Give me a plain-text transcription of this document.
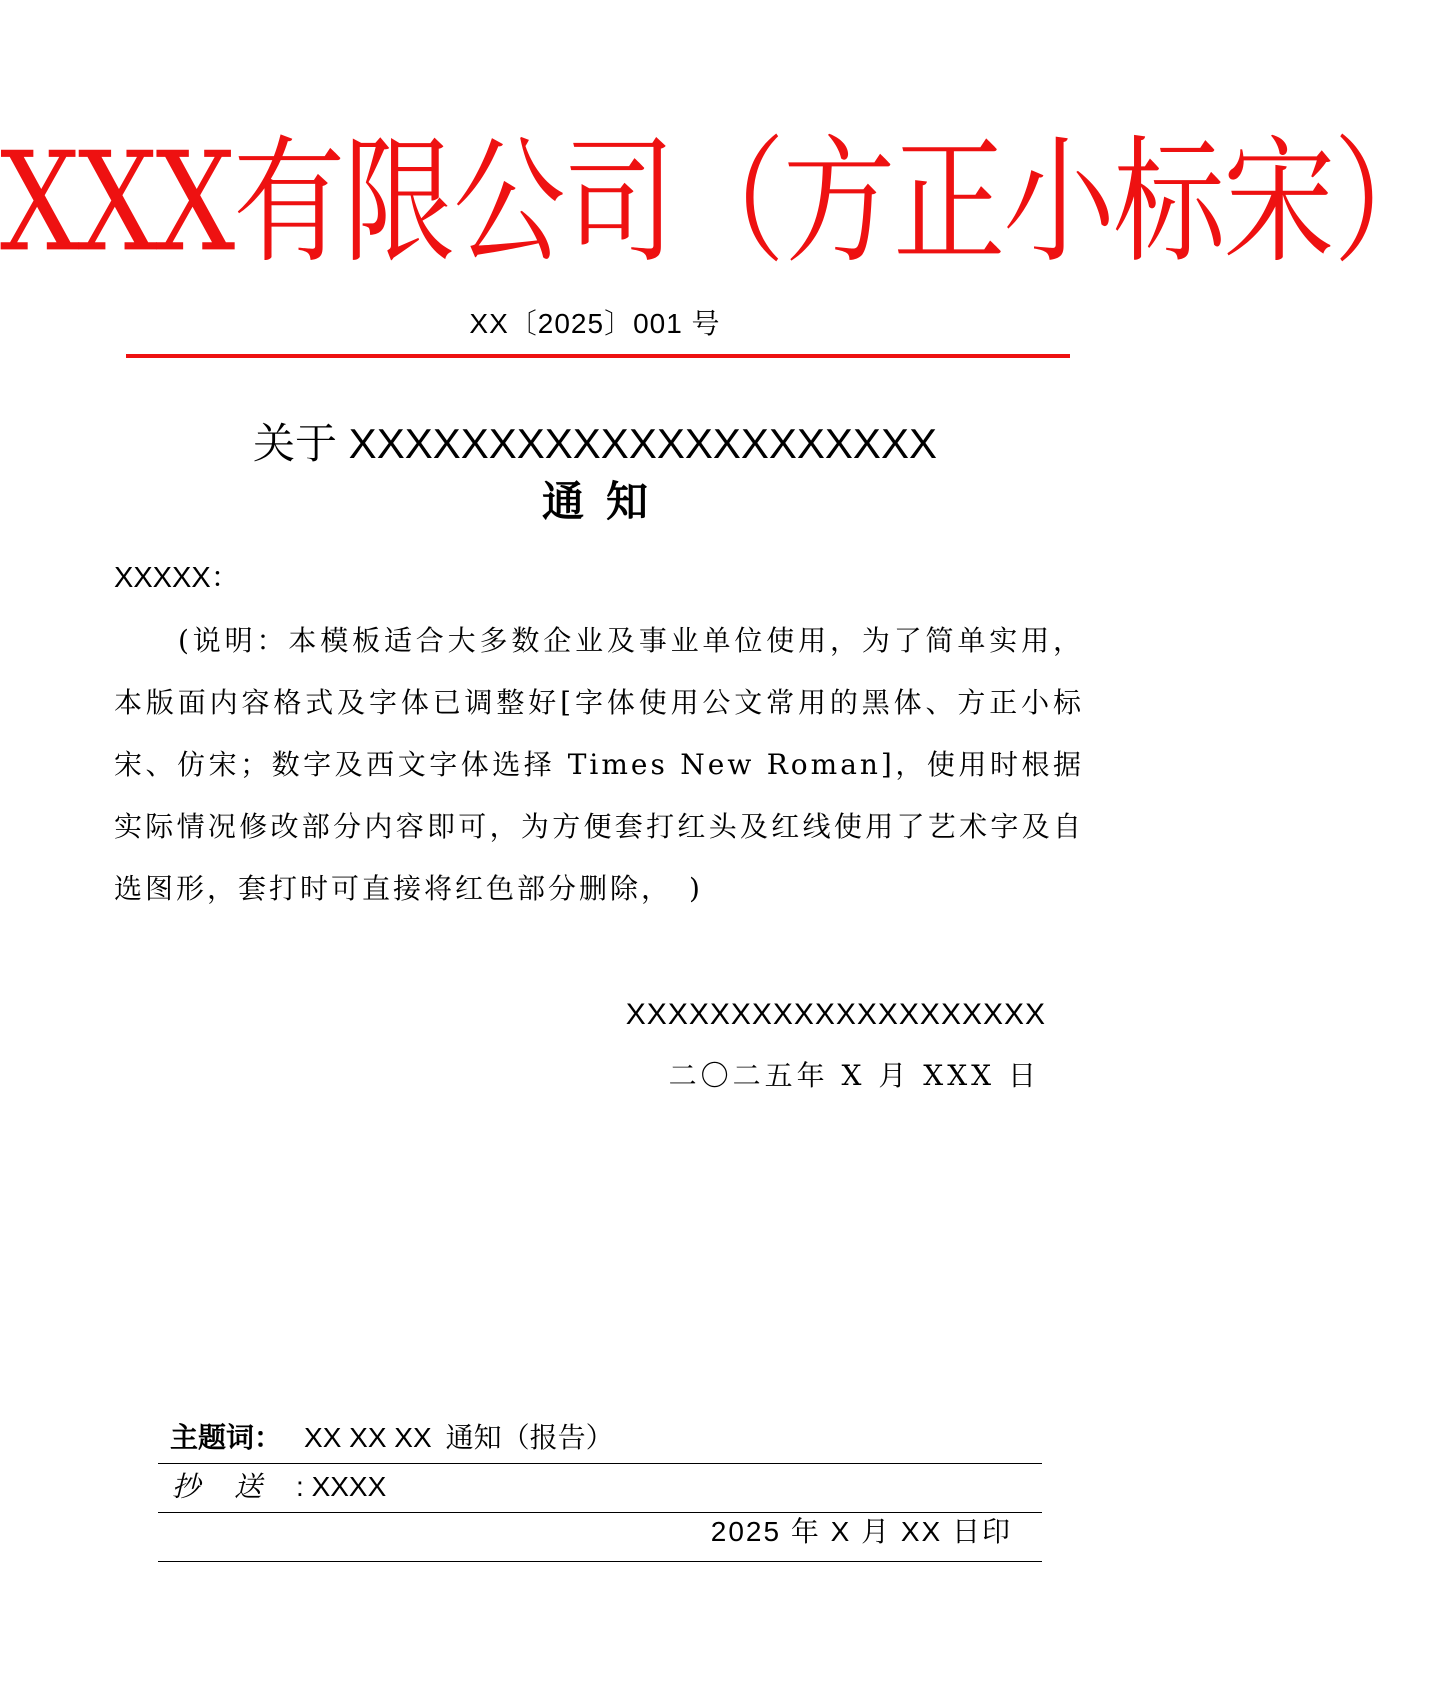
XXX有限公司（方正小标宋）
XX〔2025〕001 号
关于 XXXXXXXXXXXXXXXXXXXXX
通知
XXXXX：
(说明：本模板适合大多数企业及事业单位使用，为了简单实用，本版面内容格式及字体已调整好[字体使用公文常用的黑体、方正小标宋、仿宋；数字及西文字体选择 Times New Roman]，使用时根据实际情况修改部分内容即可，为方便套打红头及红线使用了艺术字及自选图形，套打时可直接将红色部分删除，　)
XXXXXXXXXXXXXXXXXXXX
二〇二五年 X 月 XXX 日
主题词： XX XX XX 通知（报告）
抄送: XXXX
2025 年 X 月 XX 日印
